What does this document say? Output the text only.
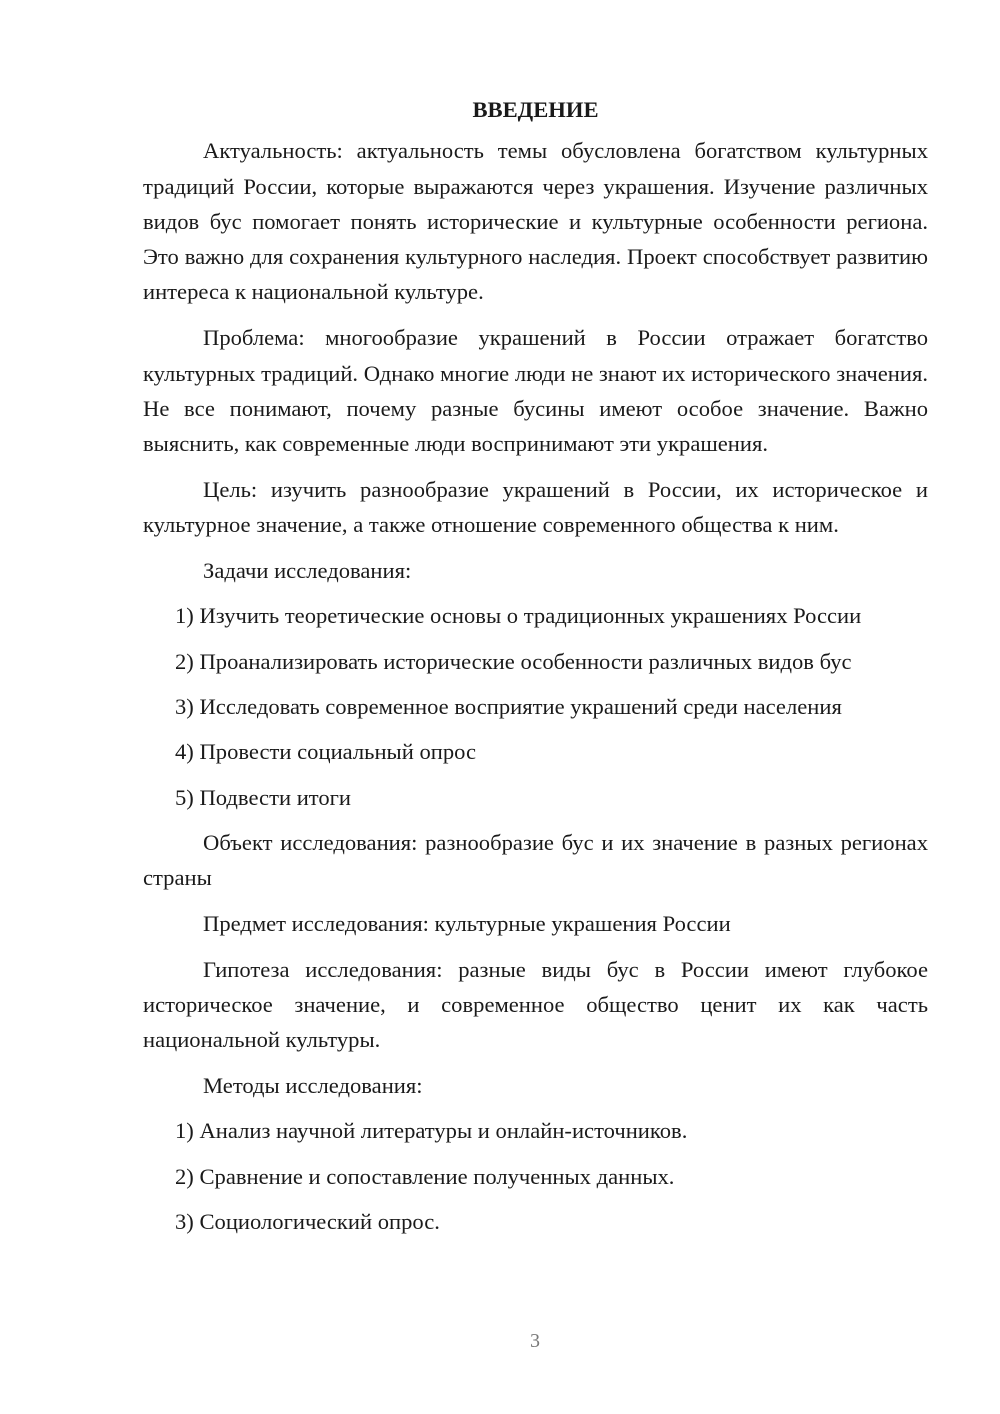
ВВЕДЕНИЕ
Актуальность: актуальность темы обусловлена богатством культурных традиций России, которые выражаются через украшения. Изучение различных видов бус помогает понять исторические и культурные особенности региона. Это важно для сохранения культурного наследия. Проект способствует развитию интереса к национальной культуре.
Проблема: многообразие украшений в России отражает богатство культурных традиций. Однако многие люди не знают их исторического значения. Не все понимают, почему разные бусины имеют особое значение. Важно выяснить, как современные люди воспринимают эти украшения.
Цель: изучить разнообразие украшений в России, их историческое и культурное значение, а также отношение современного общества к ним.
Задачи исследования:
1) Изучить теоретические основы о традиционных украшениях России
2) Проанализировать исторические особенности различных видов бус
3) Исследовать современное восприятие украшений среди населения
4) Провести социальный опрос
5) Подвести итоги
Объект исследования: разнообразие бус и их значение в разных регионах страны
Предмет исследования: культурные украшения России
Гипотеза исследования: разные виды бус в России имеют глубокое историческое значение, и современное общество ценит их как часть национальной культуры.
Методы исследования:
1) Анализ научной литературы и онлайн-источников.
2) Сравнение и сопоставление полученных данных.
3) Социологический опрос.
3
